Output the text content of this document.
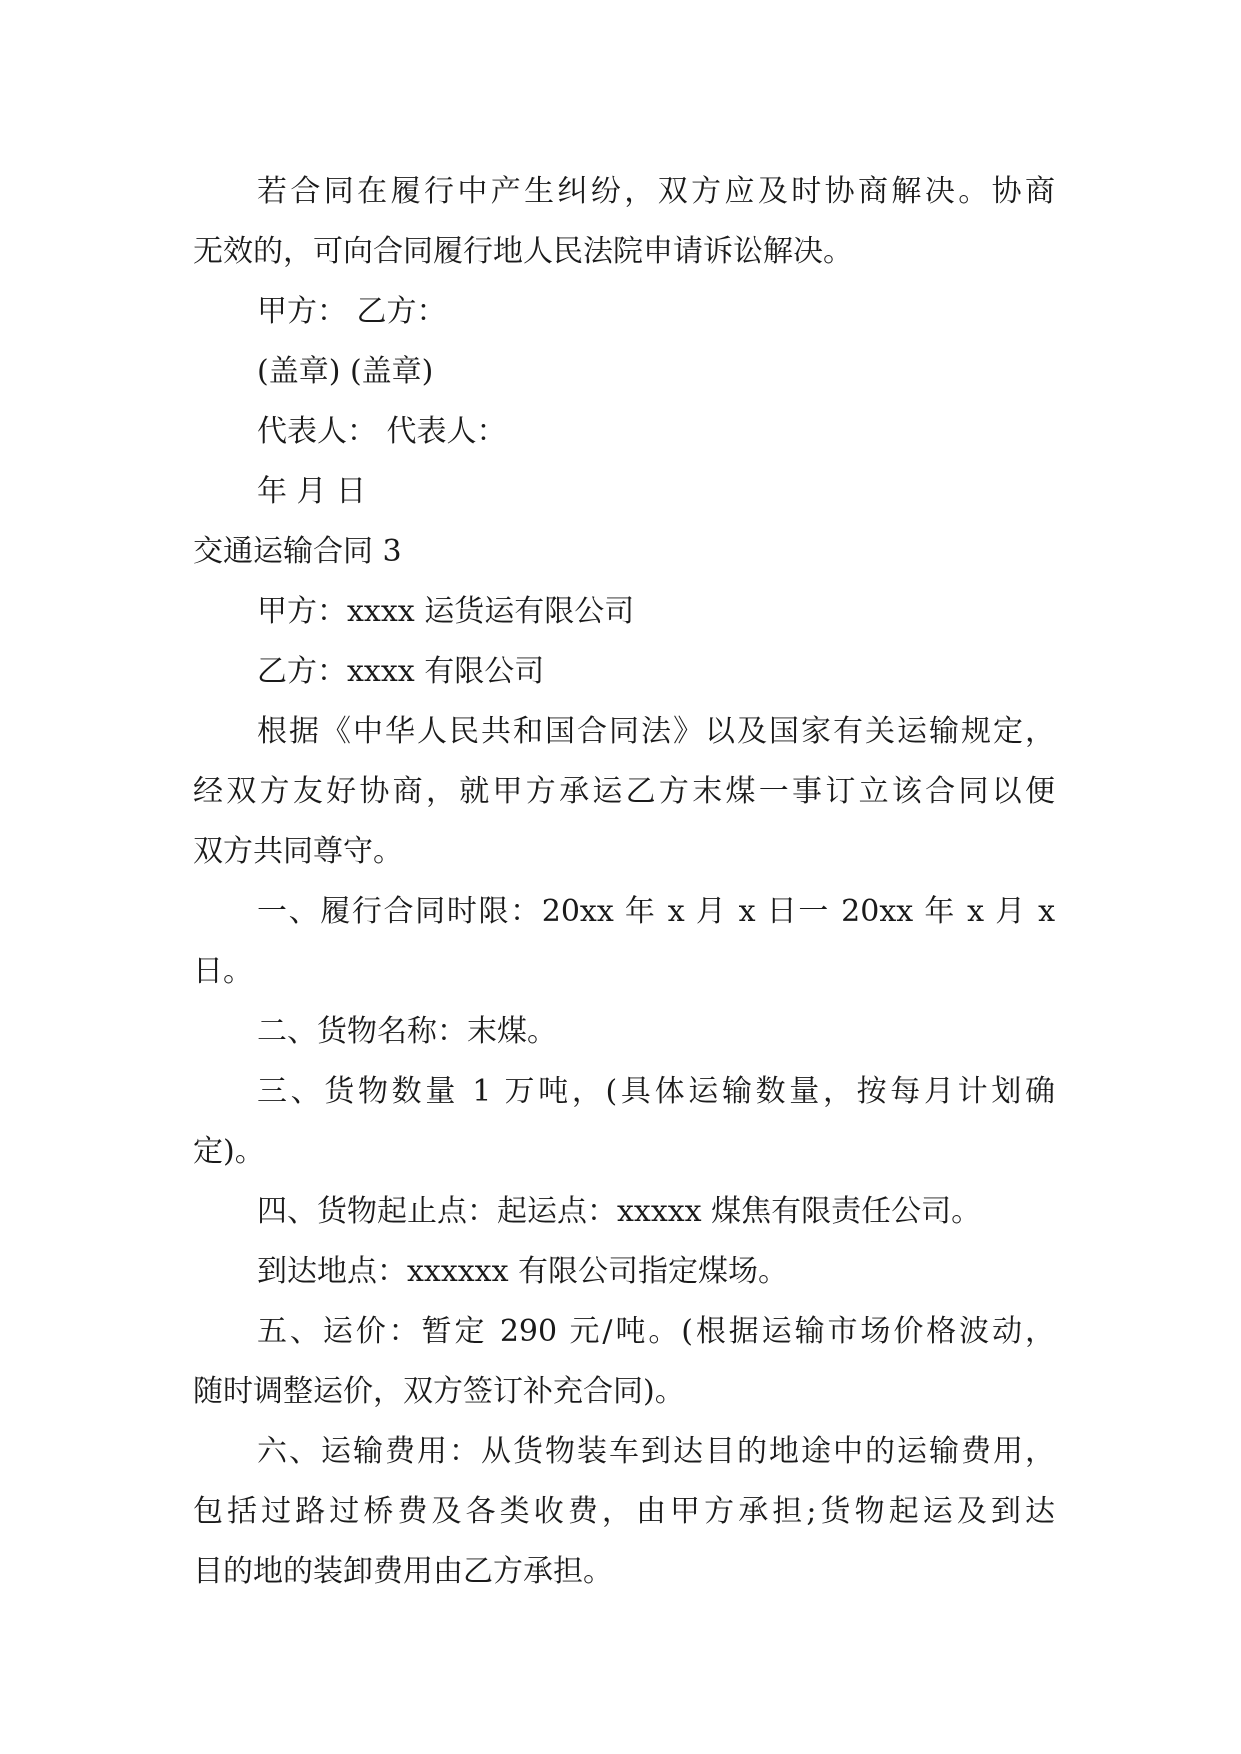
若合同在履行中产生纠纷，双方应及时协商解决。协商
无效的，可向合同履行地人民法院申请诉讼解决。
甲方： 乙方：
(盖章) (盖章)
代表人： 代表人：
年 月 日
交通运输合同 3
甲方：xxxx 运货运有限公司
乙方：xxxx 有限公司
根据《中华人民共和国合同法》以及国家有关运输规定，
经双方友好协商，就甲方承运乙方末煤一事订立该合同以便
双方共同尊守。
一、履行合同时限：20xx 年 x 月 x 日一 20xx 年 x 月 x
日。
二、货物名称：末煤。
三、货物数量 1 万吨，(具体运输数量，按每月计划确
定)。
四、货物起止点：起运点：xxxxx 煤焦有限责任公司。
到达地点：xxxxxx 有限公司指定煤场。
五、运价：暂定 290 元/吨。(根据运输市场价格波动，
随时调整运价，双方签订补充合同)。
六、运输费用：从货物装车到达目的地途中的运输费用，
包括过路过桥费及各类收费，由甲方承担;货物起运及到达
目的地的装卸费用由乙方承担。
